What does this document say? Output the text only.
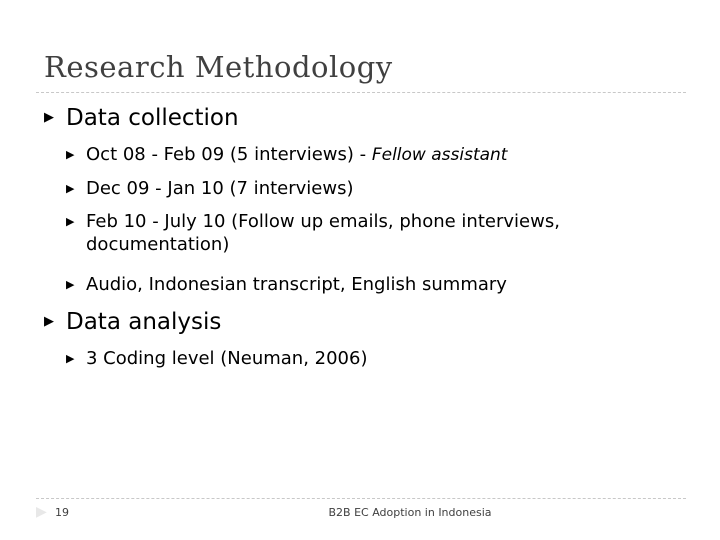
Research Methodology
▶ Data collection
▶ Oct 08 - Feb 09 (5 interviews) - Fellow assistant
▶ Dec 09 - Jan 10 (7 interviews)
▶ Feb 10 - July 10 (Follow up emails, phone interviews, documentation)
▶ Audio, Indonesian transcript, English summary
▶ Data analysis
▶ 3 Coding level (Neuman, 2006)
▶ 19	B2B EC Adoption in Indonesia
